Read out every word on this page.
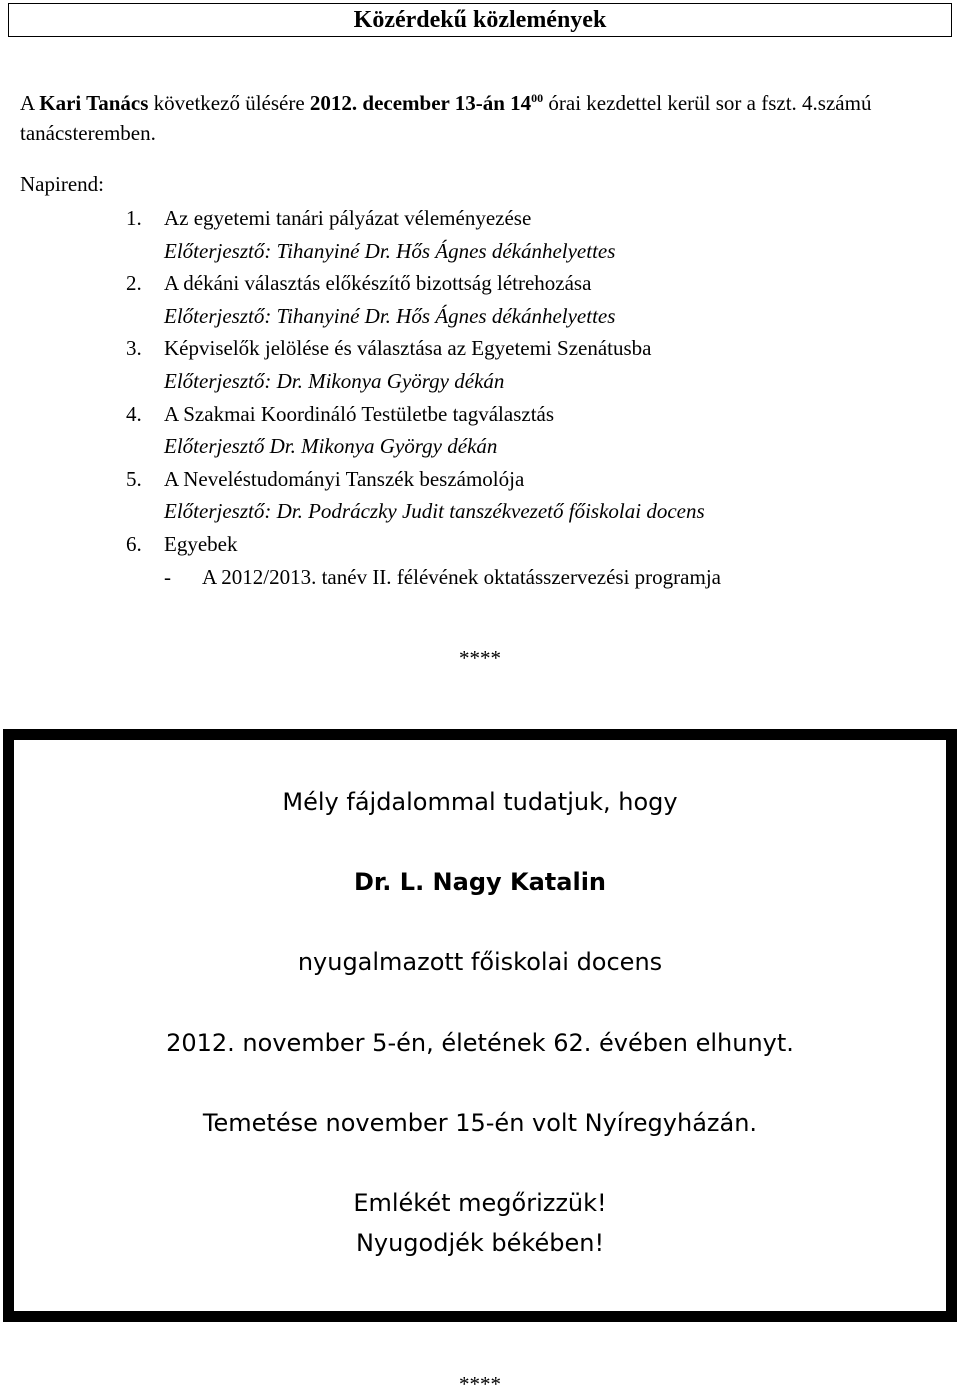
Közérdekű közlemények
A Kari Tanács következő ülésére 2012. december 13-án $14^{00}$ órai kezdettel kerül sor a fszt. 4.számú tanácsteremben.
Napirend:
1. Az egyetemi tanári pályázat véleményezése
Előterjesztő: Tihanyiné Dr. Hős Ágnes dékánhelyettes
2. A dékáni választás előkészítő bizottság létrehozása
Előterjesztő: Tihanyiné Dr. Hős Ágnes dékánhelyettes
3. Képviselők jelölése és választása az Egyetemi Szenátusba
Előterjesztő: Dr. Mikonya György dékán
4. A Szakmai Koordináló Testületbe tagválasztás
Előterjesztő Dr. Mikonya György dékán
5. A Neveléstudományi Tanszék beszámolója
Előterjesztő: Dr. Podráczky Judit tanszékvezető főiskolai docens
6. Egyebek
- A 2012/2013. tanév II. félévének oktatásszervezési programja
****
Mély fájdalommal tudatjuk, hogy
Dr. L. Nagy Katalin
nyugalmazott főiskolai docens
2012. november 5-én, életének 62. évében elhunyt.
Temetése november 15-én volt Nyíregyházán.
Emlékét megőrizzük!
Nyugodjék békében!
****
